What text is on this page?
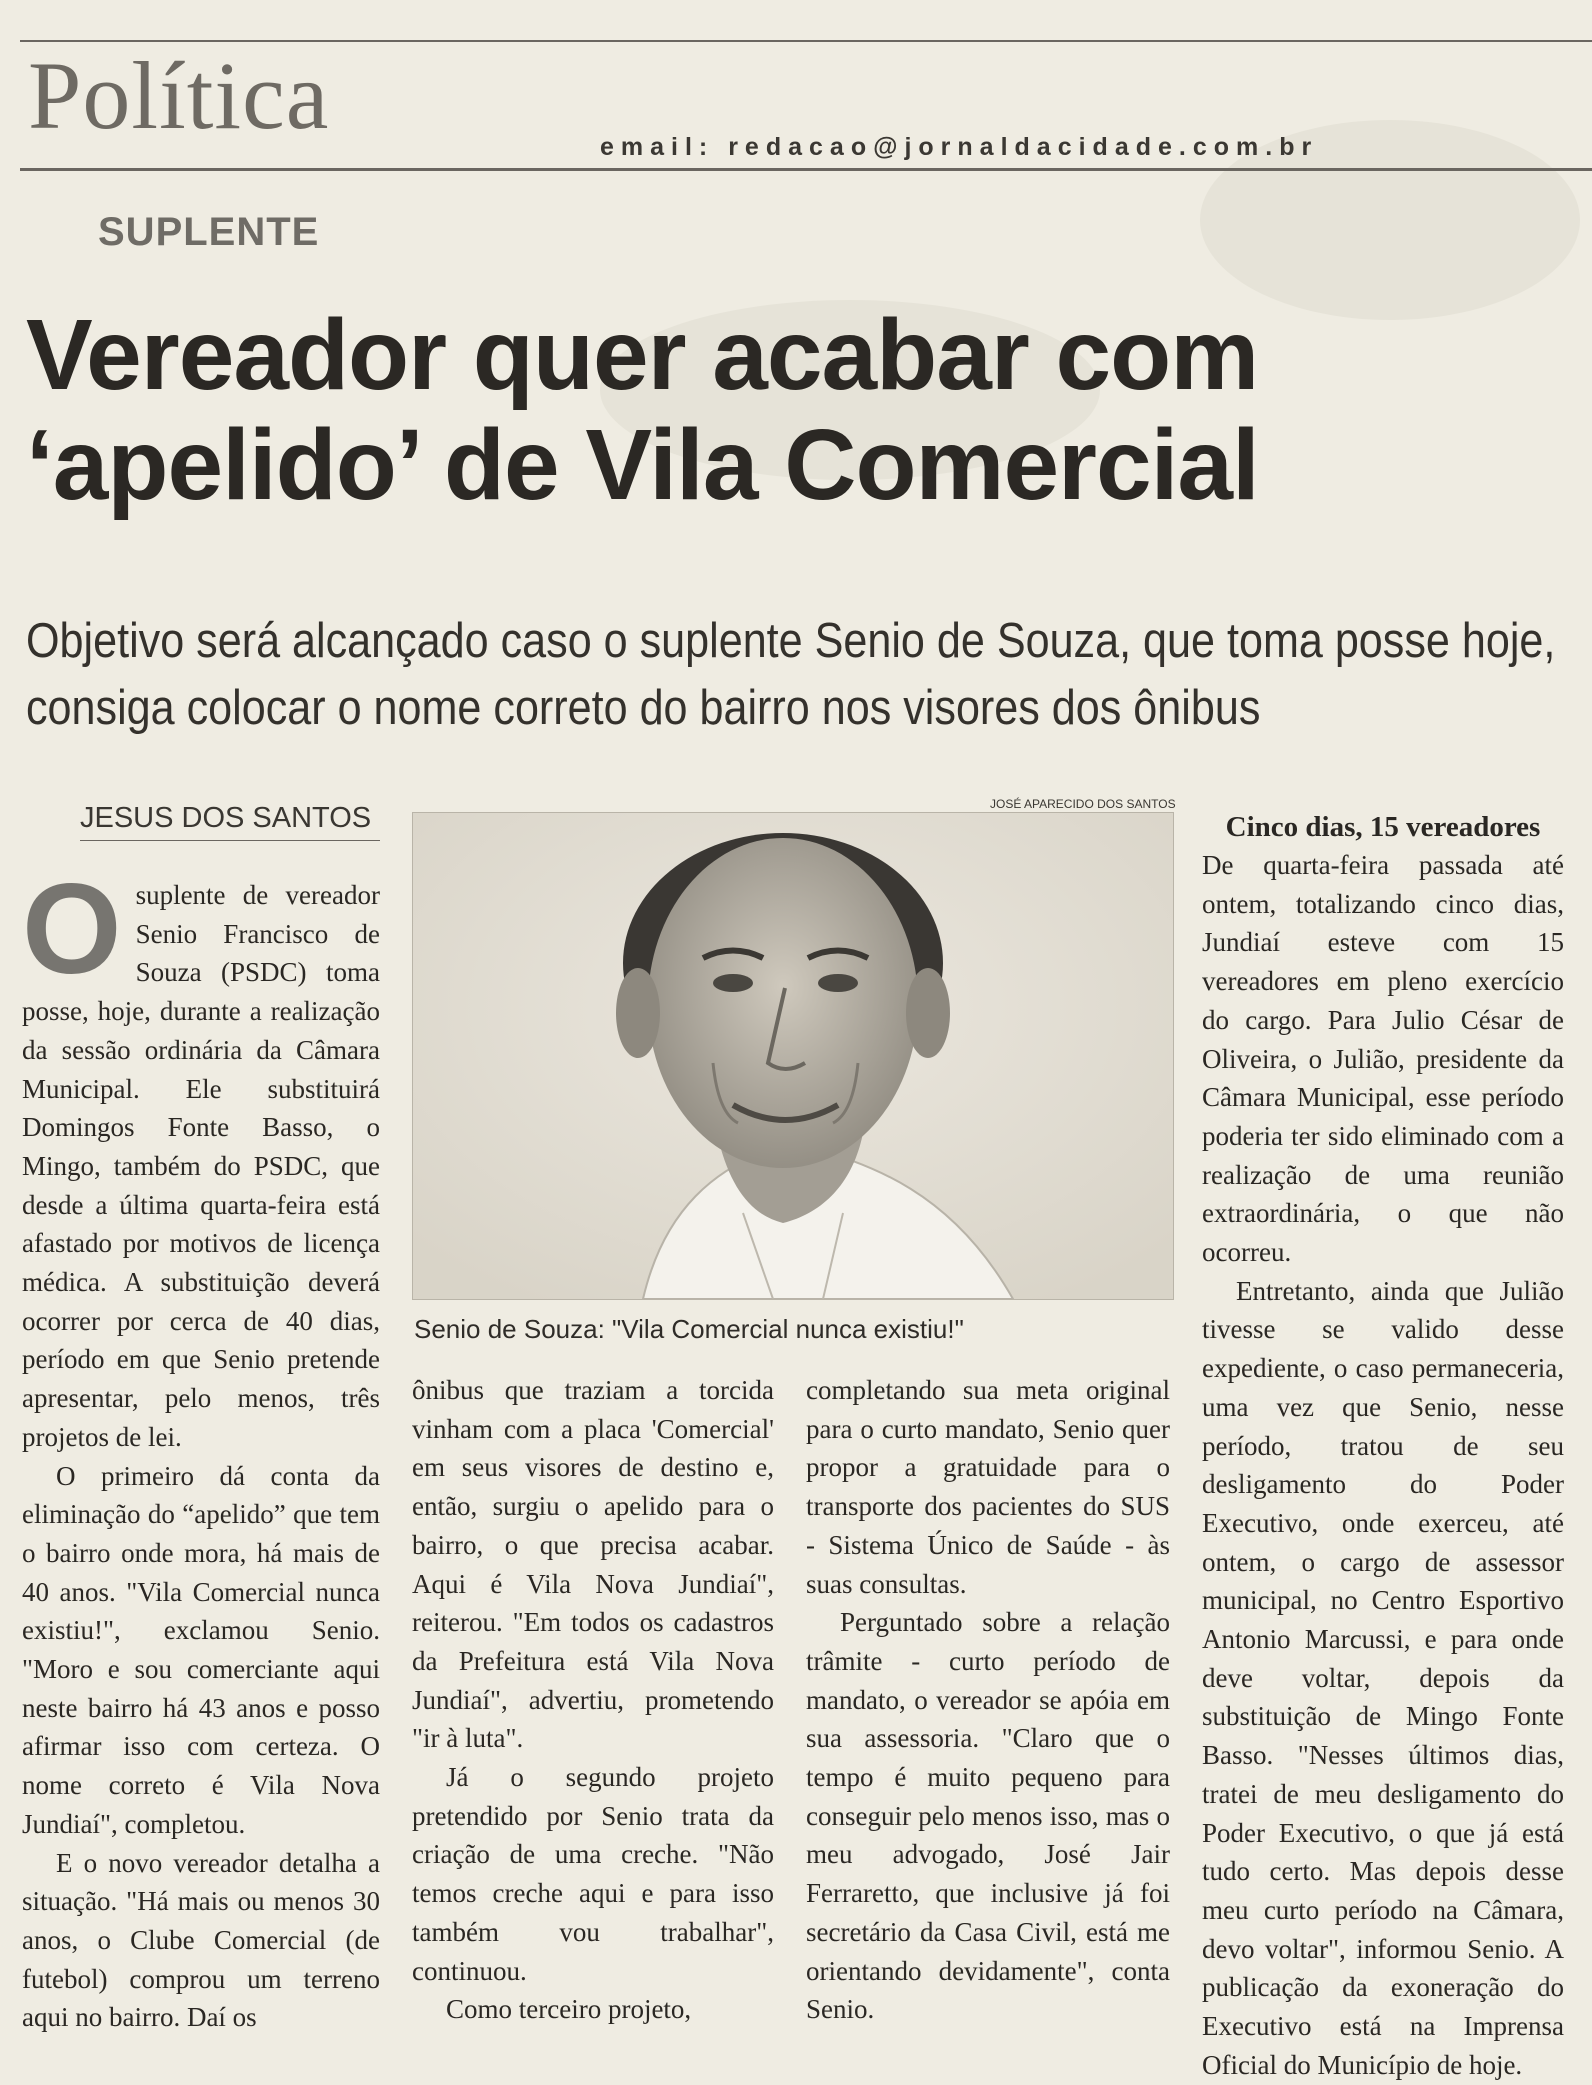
Política	email: redacao@jornaldacidade.com.br
SUPLENTE
Vereador quer acabar com ‘apelido’ de Vila Comercial

Objetivo será alcançado caso o suplente Senio de Souza, que toma posse hoje, consiga colocar o nome correto do bairro nos visores dos ônibus

JESUS DOS SANTOS	JOSÉ APARECIDO DOS SANTOS
Senio de Souza: "Vila Comercial nunca existiu!"

Osuplente de vereador Senio Francisco de Souza (PSDC) toma posse, hoje, durante a realização da sessão ordinária da Câmara Municipal. Ele substituirá Domingos Fonte Basso, o Mingo, também do PSDC, que desde a última quarta-feira está afastado por motivos de licença médica. A substituição deverá ocorrer por cerca de 40 dias, período em que Senio pretende apresentar, pelo menos, três projetos de lei.

O primeiro dá conta da eliminação do “apelido” que tem o bairro onde mora, há mais de 40 anos. "Vila Comercial nunca existiu!", exclamou Senio. "Moro e sou comerciante aqui neste bairro há 43 anos e posso afirmar isso com certeza. O nome correto é Vila Nova Jundiaí", completou.

E o novo vereador detalha a situação. "Há mais ou menos 30 anos, o Clube Comercial (de futebol) comprou um terreno aqui no bairro. Daí os

ônibus que traziam a torcida vinham com a placa 'Comercial' em seus visores de destino e, então, surgiu o apelido para o bairro, o que precisa acabar. Aqui é Vila Nova Jundiaí", reiterou. "Em todos os cadastros da Prefeitura está Vila Nova Jundiaí", advertiu, prometendo "ir à luta".

Já o segundo projeto pretendido por Senio trata da criação de uma creche. "Não temos creche aqui e para isso também vou trabalhar", continuou.

Como terceiro projeto,

completando sua meta original para o curto mandato, Senio quer propor a gratuidade para o transporte dos pacientes do SUS - Sistema Único de Saúde - às suas consultas.

Perguntado sobre a relação trâmite - curto período de mandato, o vereador se apóia em sua assessoria. "Claro que o tempo é muito pequeno para conseguir pelo menos isso, mas o meu advogado, José Jair Ferraretto, que inclusive já foi secretário da Casa Civil, está me orientando devidamente", conta Senio.

Cinco dias, 15 vereadores

De quarta-feira passada até ontem, totalizando cinco dias, Jundiaí esteve com 15 vereadores em pleno exercício do cargo. Para Julio César de Oliveira, o Julião, presidente da Câmara Municipal, esse período poderia ter sido eliminado com a realização de uma reunião extraordinária, o que não ocorreu.

Entretanto, ainda que Julião tivesse se valido desse expediente, o caso permaneceria, uma vez que Senio, nesse período, tratou de seu desligamento do Poder Executivo, onde exerceu, até ontem, o cargo de assessor municipal, no Centro Esportivo Antonio Marcussi, e para onde deve voltar, depois da substituição de Mingo Fonte Basso. "Nesses últimos dias, tratei de meu desligamento do Poder Executivo, o que já está tudo certo. Mas depois desse meu curto período na Câmara, devo voltar", informou Senio. A publicação da exoneração do Executivo está na Imprensa Oficial do Município de hoje.
